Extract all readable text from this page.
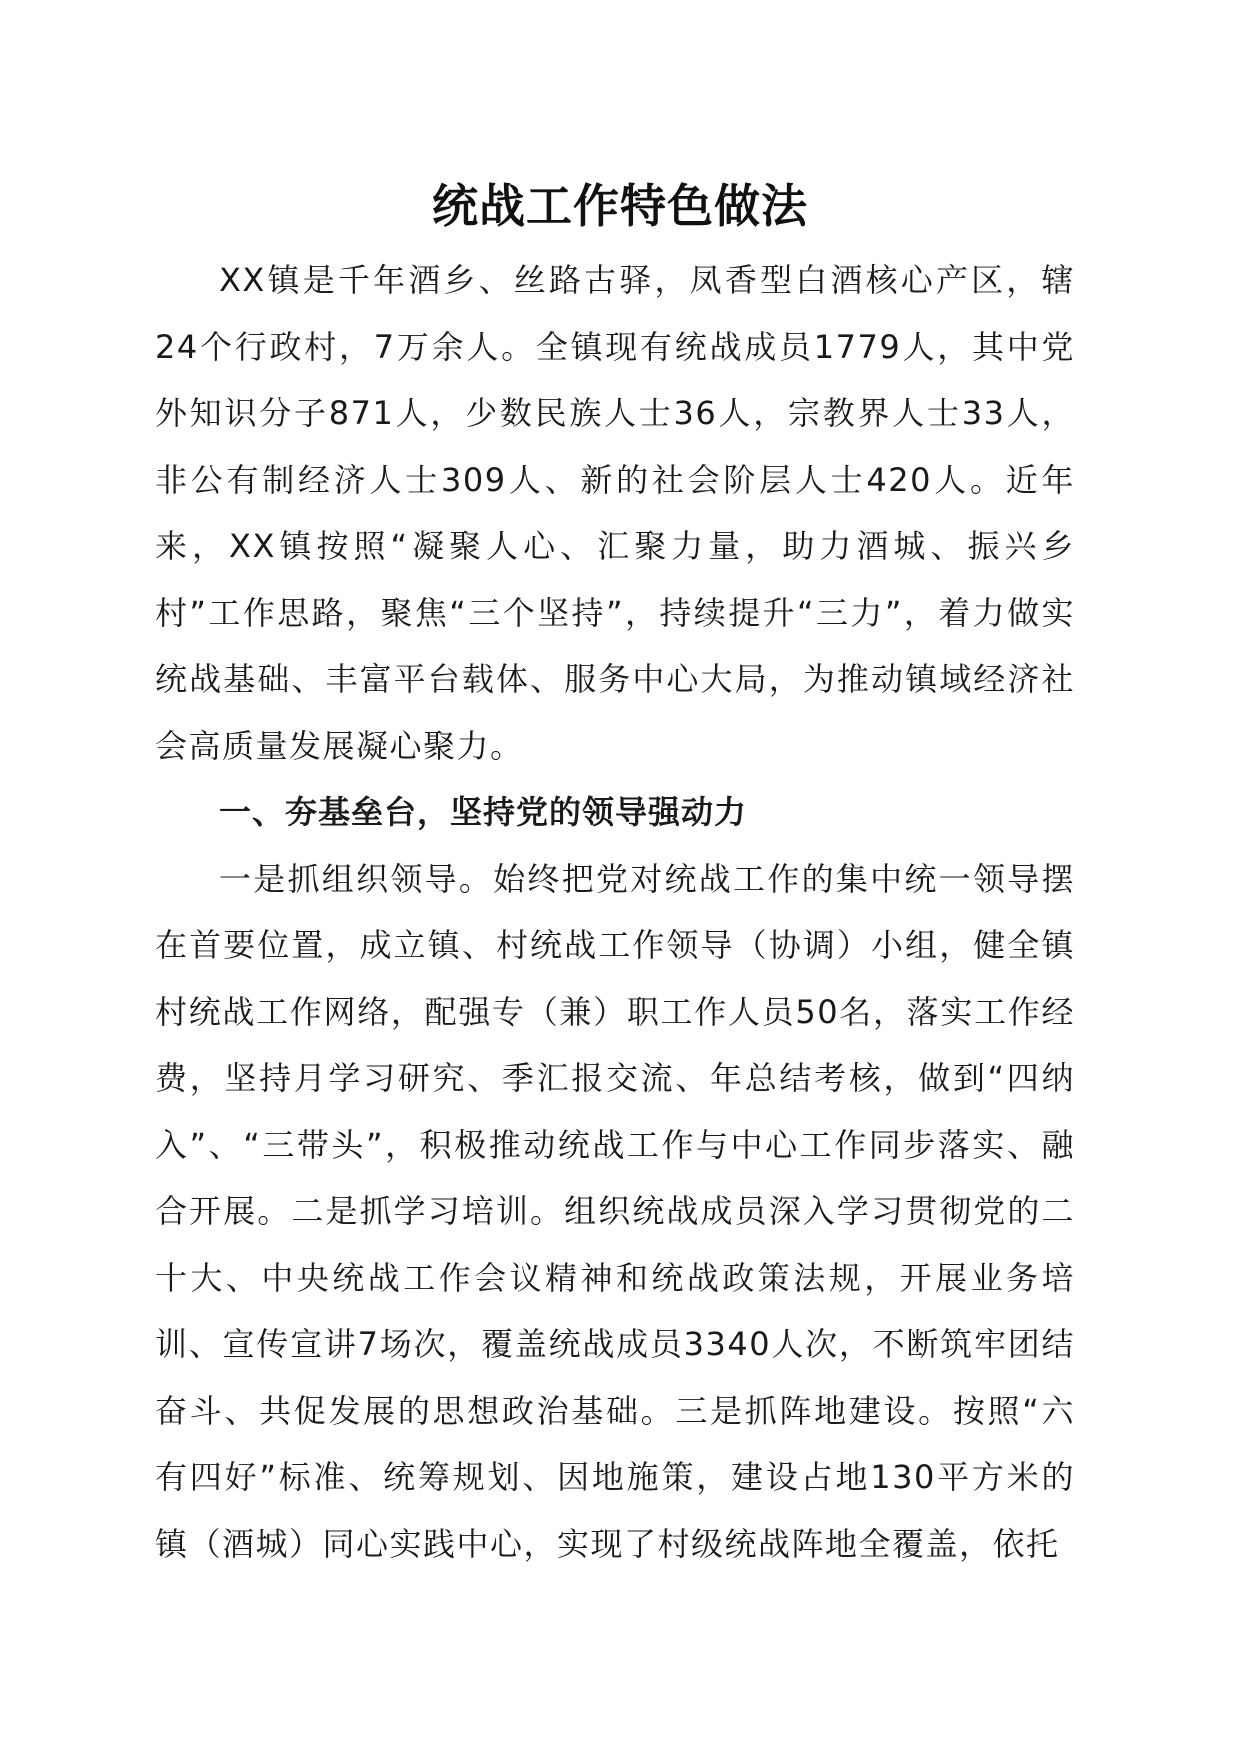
统战工作特色做法

XX镇是千年酒乡、丝路古驿，凤香型白酒核心产区，辖24个行政村，7万余人。全镇现有统战成员1779人，其中党外知识分子871人，少数民族人士36人，宗教界人士33人，非公有制经济人士309人、新的社会阶层人士420人。近年来，XX镇按照“凝聚人心、汇聚力量，助力酒城、振兴乡村”工作思路，聚焦“三个坚持”，持续提升“三力”，着力做实统战基础、丰富平台载体、服务中心大局，为推动镇域经济社会高质量发展凝心聚力。

一、夯基垒台，坚持党的领导强动力

一是抓组织领导。始终把党对统战工作的集中统一领导摆在首要位置，成立镇、村统战工作领导（协调）小组，健全镇村统战工作网络，配强专（兼）职工作人员50名，落实工作经费，坚持月学习研究、季汇报交流、年总结考核，做到“四纳入”、“三带头”，积极推动统战工作与中心工作同步落实、融合开展。二是抓学习培训。组织统战成员深入学习贯彻党的二十大、中央统战工作会议精神和统战政策法规，开展业务培训、宣传宣讲7场次，覆盖统战成员3340人次，不断筑牢团结奋斗、共促发展的思想政治基础。三是抓阵地建设。按照“六有四好”标准、统筹规划、因地施策，建设占地130平方米的镇（酒城）同心实践中心，实现了村级统战阵地全覆盖，依托
